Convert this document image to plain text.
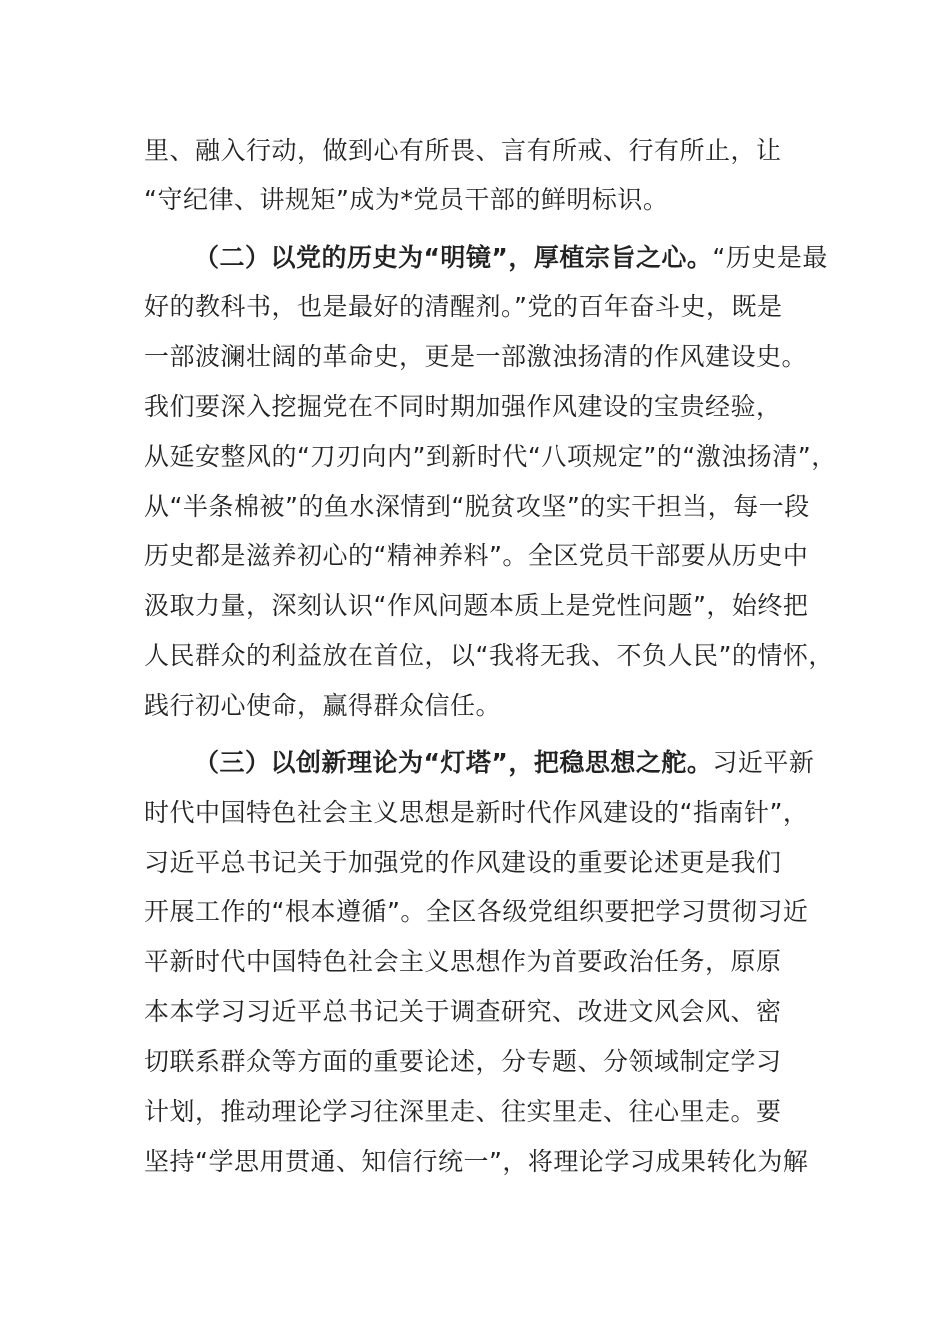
里、融入行动，做到心有所畏、言有所戒、行有所止，让
“守纪律、讲规矩”成为*党员干部的鲜明标识。
（二）以党的历史为“明镜”，厚植宗旨之心。“历史是最
好的教科书，也是最好的清醒剂。”党的百年奋斗史，既是
一部波澜壮阔的革命史，更是一部激浊扬清的作风建设史。
我们要深入挖掘党在不同时期加强作风建设的宝贵经验，
从延安整风的“刀刃向内”到新时代“八项规定”的“激浊扬清”，
从“半条棉被”的鱼水深情到“脱贫攻坚”的实干担当，每一段
历史都是滋养初心的“精神养料”。全区党员干部要从历史中
汲取力量，深刻认识“作风问题本质上是党性问题”，始终把
人民群众的利益放在首位，以“我将无我、不负人民”的情怀，
践行初心使命，赢得群众信任。
（三）以创新理论为“灯塔”，把稳思想之舵。习近平新
时代中国特色社会主义思想是新时代作风建设的“指南针”，
习近平总书记关于加强党的作风建设的重要论述更是我们
开展工作的“根本遵循”。全区各级党组织要把学习贯彻习近
平新时代中国特色社会主义思想作为首要政治任务，原原
本本学习习近平总书记关于调查研究、改进文风会风、密
切联系群众等方面的重要论述，分专题、分领域制定学习
计划，推动理论学习往深里走、往实里走、往心里走。要
坚持“学思用贯通、知信行统一”，将理论学习成果转化为解
